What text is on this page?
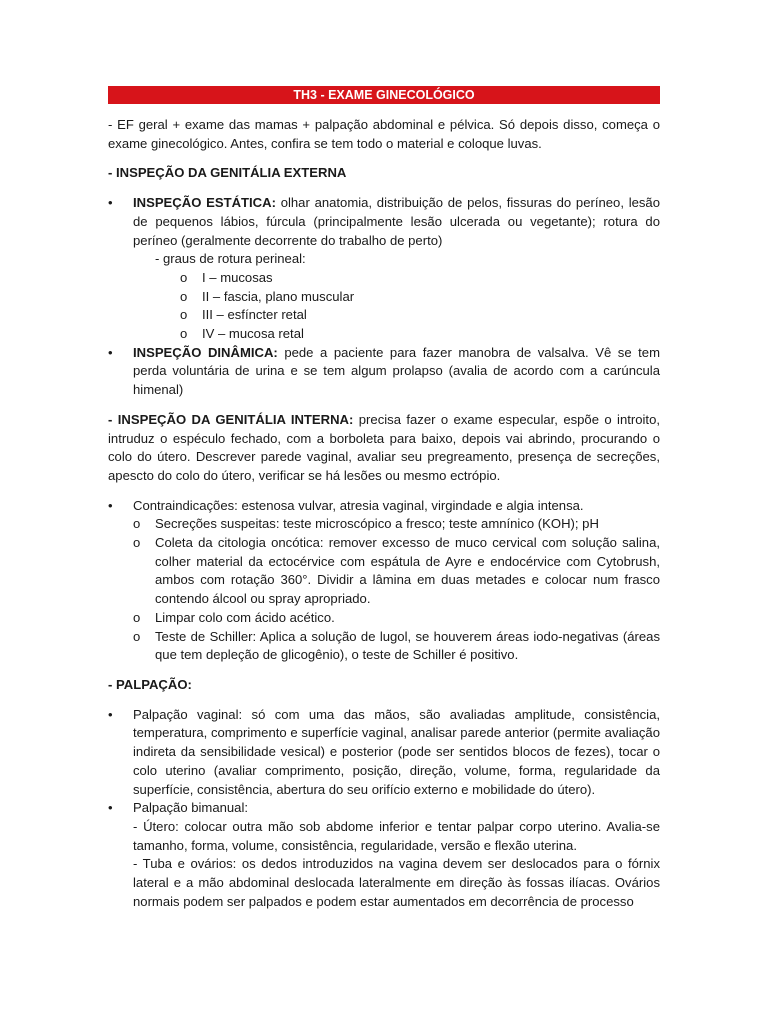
TH3 - EXAME GINECOLÓGICO

- EF geral + exame das mamas + palpação abdominal e pélvica. Só depois disso, começa o exame ginecológico. Antes, confira se tem todo o material e coloque luvas.

- INSPEÇÃO DA GENITÁLIA EXTERNA

•	INSPEÇÃO ESTÁTICA: olhar anatomia, distribuição de pelos, fissuras do períneo, lesão de pequenos lábios, fúrcula (principalmente lesão ulcerada ou vegetante); rotura do períneo (geralmente decorrente do trabalho de perto)
- graus de rotura perineal:
o I – mucosas
o II – fascia, plano muscular
o III – esfíncter retal
o IV – mucosa retal
•	INSPEÇÃO DINÂMICA: pede a paciente para fazer manobra de valsalva. Vê se tem perda voluntária de urina e se tem algum prolapso (avalia de acordo com a carúncula himenal)

- INSPEÇÃO DA GENITÁLIA INTERNA: precisa fazer o exame especular, espõe o introito, intruduz o espéculo fechado, com a borboleta para baixo, depois vai abrindo, procurando o colo do útero. Descrever parede vaginal, avaliar seu pregreamento, presença de secreções, apescto do colo do útero, verificar se há lesões ou mesmo ectrópio.

•	Contraindicações: estenosa vulvar, atresia vaginal, virgindade e algia intensa.
o Secreções suspeitas: teste microscópico a fresco; teste amnínico (KOH); pH
o Coleta da citologia oncótica: remover excesso de muco cervical com solução salina, colher material da ectocérvice com espátula de Ayre e endocérvice com Cytobrush, ambos com rotação 360°. Dividir a lâmina em duas metades e colocar num frasco contendo álcool ou spray apropriado.
o Limpar colo com ácido acético.
o Teste de Schiller: Aplica a solução de lugol, se houverem áreas iodo-negativas (áreas que tem depleção de glicogênio), o teste de Schiller é positivo.

- PALPAÇÃO:

•	Palpação vaginal: só com uma das mãos, são avaliadas amplitude, consistência, temperatura, comprimento e superfície vaginal, analisar parede anterior (permite avaliação indireta da sensibilidade vesical) e posterior (pode ser sentidos blocos de fezes), tocar o colo uterino (avaliar comprimento, posição, direção, volume, forma, regularidade da superfície, consistência, abertura do seu orifício externo e mobilidade do útero).
•	Palpação bimanual:
- Útero: colocar outra mão sob abdome inferior e tentar palpar corpo uterino. Avalia-se tamanho, forma, volume, consistência, regularidade, versão e flexão uterina.
- Tuba e ovários: os dedos introduzidos na vagina devem ser deslocados para o fórnix lateral e a mão abdominal deslocada lateralmente em direção às fossas ilíacas. Ovários normais podem ser palpados e podem estar aumentados em decorrência de processo
